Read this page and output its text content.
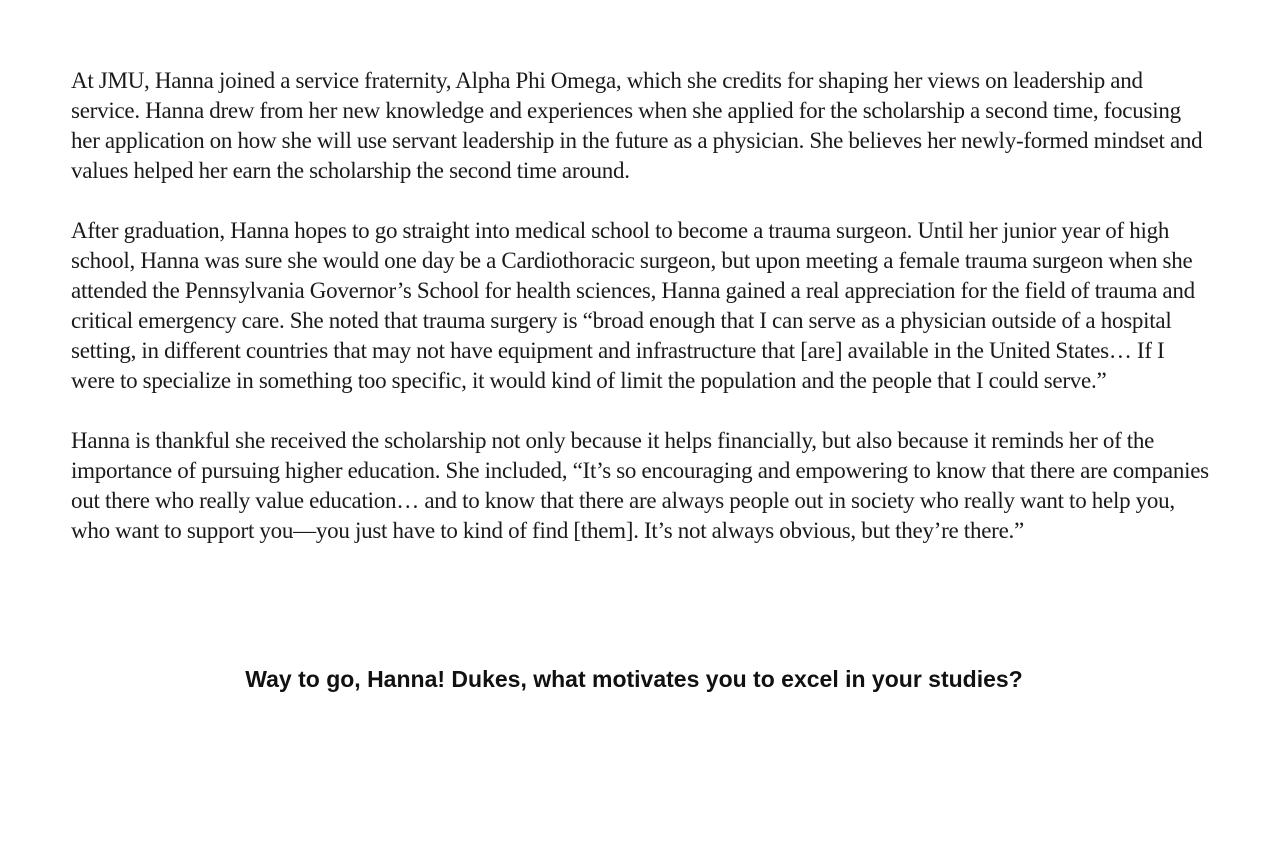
At JMU, Hanna joined a service fraternity, Alpha Phi Omega, which she credits for shaping her views on leadership and service. Hanna drew from her new knowledge and experiences when she applied for the scholarship a second time, focusing her application on how she will use servant leadership in the future as a physician. She believes her newly-formed mindset and values helped her earn the scholarship the second time around.

After graduation, Hanna hopes to go straight into medical school to become a trauma surgeon. Until her junior year of high school, Hanna was sure she would one day be a Cardiothoracic surgeon, but upon meeting a female trauma surgeon when she attended the Pennsylvania Governor’s School for health sciences, Hanna gained a real appreciation for the field of trauma and critical emergency care. She noted that trauma surgery is “broad enough that I can serve as a physician outside of a hospital setting, in different countries that may not have equipment and infrastructure that [are] available in the United States… If I were to specialize in something too specific, it would kind of limit the population and the people that I could serve.”

Hanna is thankful she received the scholarship not only because it helps financially, but also because it reminds her of the importance of pursuing higher education. She included, “It’s so encouraging and empowering to know that there are companies out there who really value education… and to know that there are always people out in society who really want to help you, who want to support you—you just have to kind of find [them]. It’s not always obvious, but they’re there.”

Way to go, Hanna! Dukes, what motivates you to excel in your studies?
